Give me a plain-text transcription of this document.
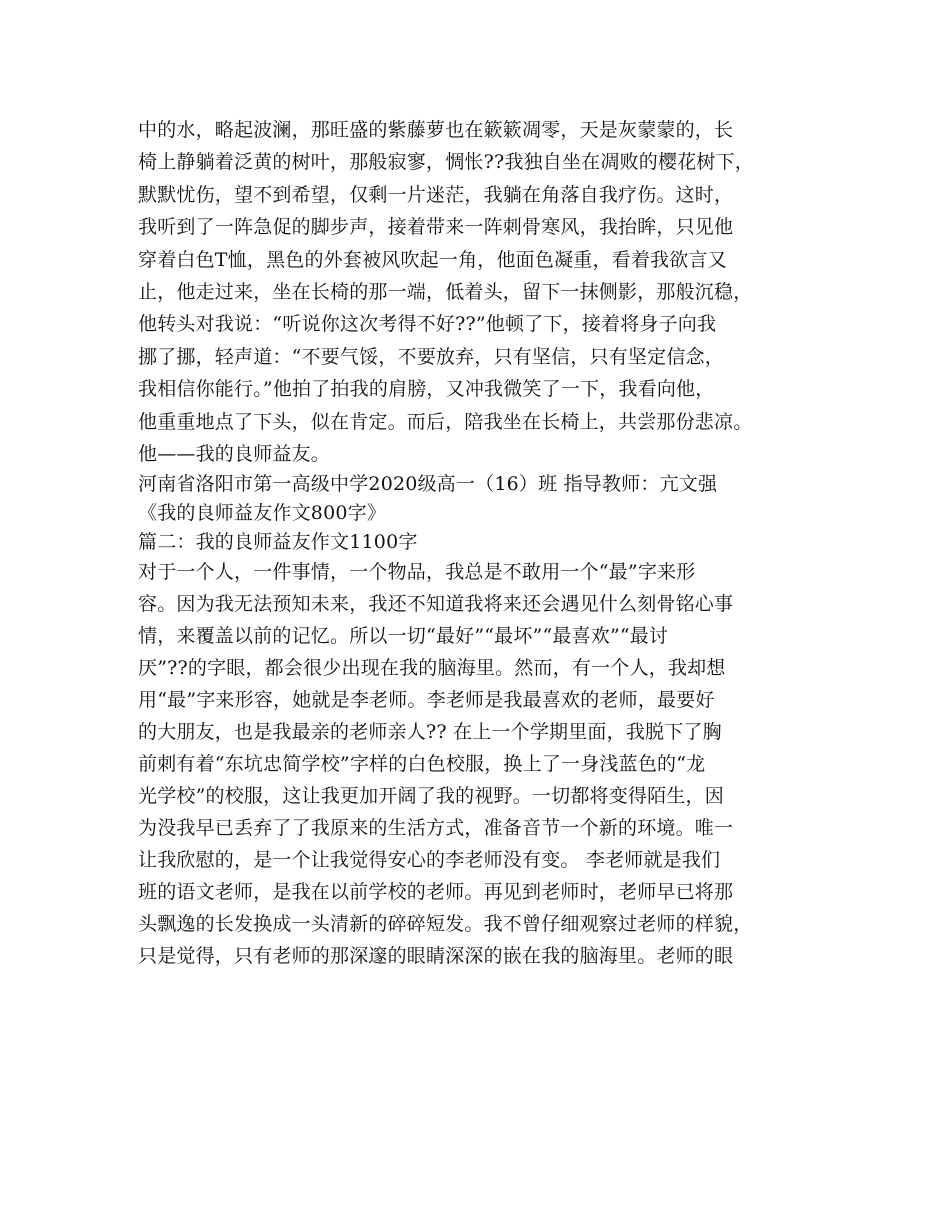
中的水，略起波澜，那旺盛的紫藤萝也在簌簌凋零，天是灰蒙蒙的，长
椅上静躺着泛黄的树叶，那般寂寥，惆怅??我独自坐在凋败的樱花树下，
默默忧伤，望不到希望，仅剩一片迷茫，我躺在角落自我疗伤。这时，
我听到了一阵急促的脚步声，接着带来一阵刺骨寒风，我抬眸，只见他
穿着白色T恤，黑色的外套被风吹起一角，他面色凝重，看着我欲言又
止，他走过来，坐在长椅的那一端，低着头，留下一抹侧影，那般沉稳，
他转头对我说：“听说你这次考得不好??”他顿了下，接着将身子向我
挪了挪，轻声道：“不要气馁，不要放弃，只有坚信，只有坚定信念，
我相信你能行。”他拍了拍我的肩膀，又冲我微笑了一下，我看向他，
他重重地点了下头，似在肯定。而后，陪我坐在长椅上，共尝那份悲凉。
他——我的良师益友。
河南省洛阳市第一高级中学2020级高一（16）班 指导教师：亢文强
《我的良师益友作文800字》
篇二：我的良师益友作文1100字
对于一个人，一件事情，一个物品，我总是不敢用一个“最”字来形
容。因为我无法预知未来，我还不知道我将来还会遇见什么刻骨铭心事
情，来覆盖以前的记忆。所以一切“最好”“最坏”“最喜欢”“最讨
厌”??的字眼，都会很少出现在我的脑海里。然而，有一个人，我却想
用“最”字来形容，她就是李老师。李老师是我最喜欢的老师，最要好
的大朋友，也是我最亲的老师亲人?? 在上一个学期里面，我脱下了胸
前刺有着“东坑忠简学校”字样的白色校服，换上了一身浅蓝色的“龙
光学校”的校服，这让我更加开阔了我的视野。一切都将变得陌生，因
为没我早已丢弃了了我原来的生活方式，准备音节一个新的环境。唯一
让我欣慰的，是一个让我觉得安心的李老师没有变。 李老师就是我们
班的语文老师，是我在以前学校的老师。再见到老师时，老师早已将那
头飘逸的长发换成一头清新的碎碎短发。我不曾仔细观察过老师的样貌，
只是觉得，只有老师的那深邃的眼睛深深的嵌在我的脑海里。老师的眼
